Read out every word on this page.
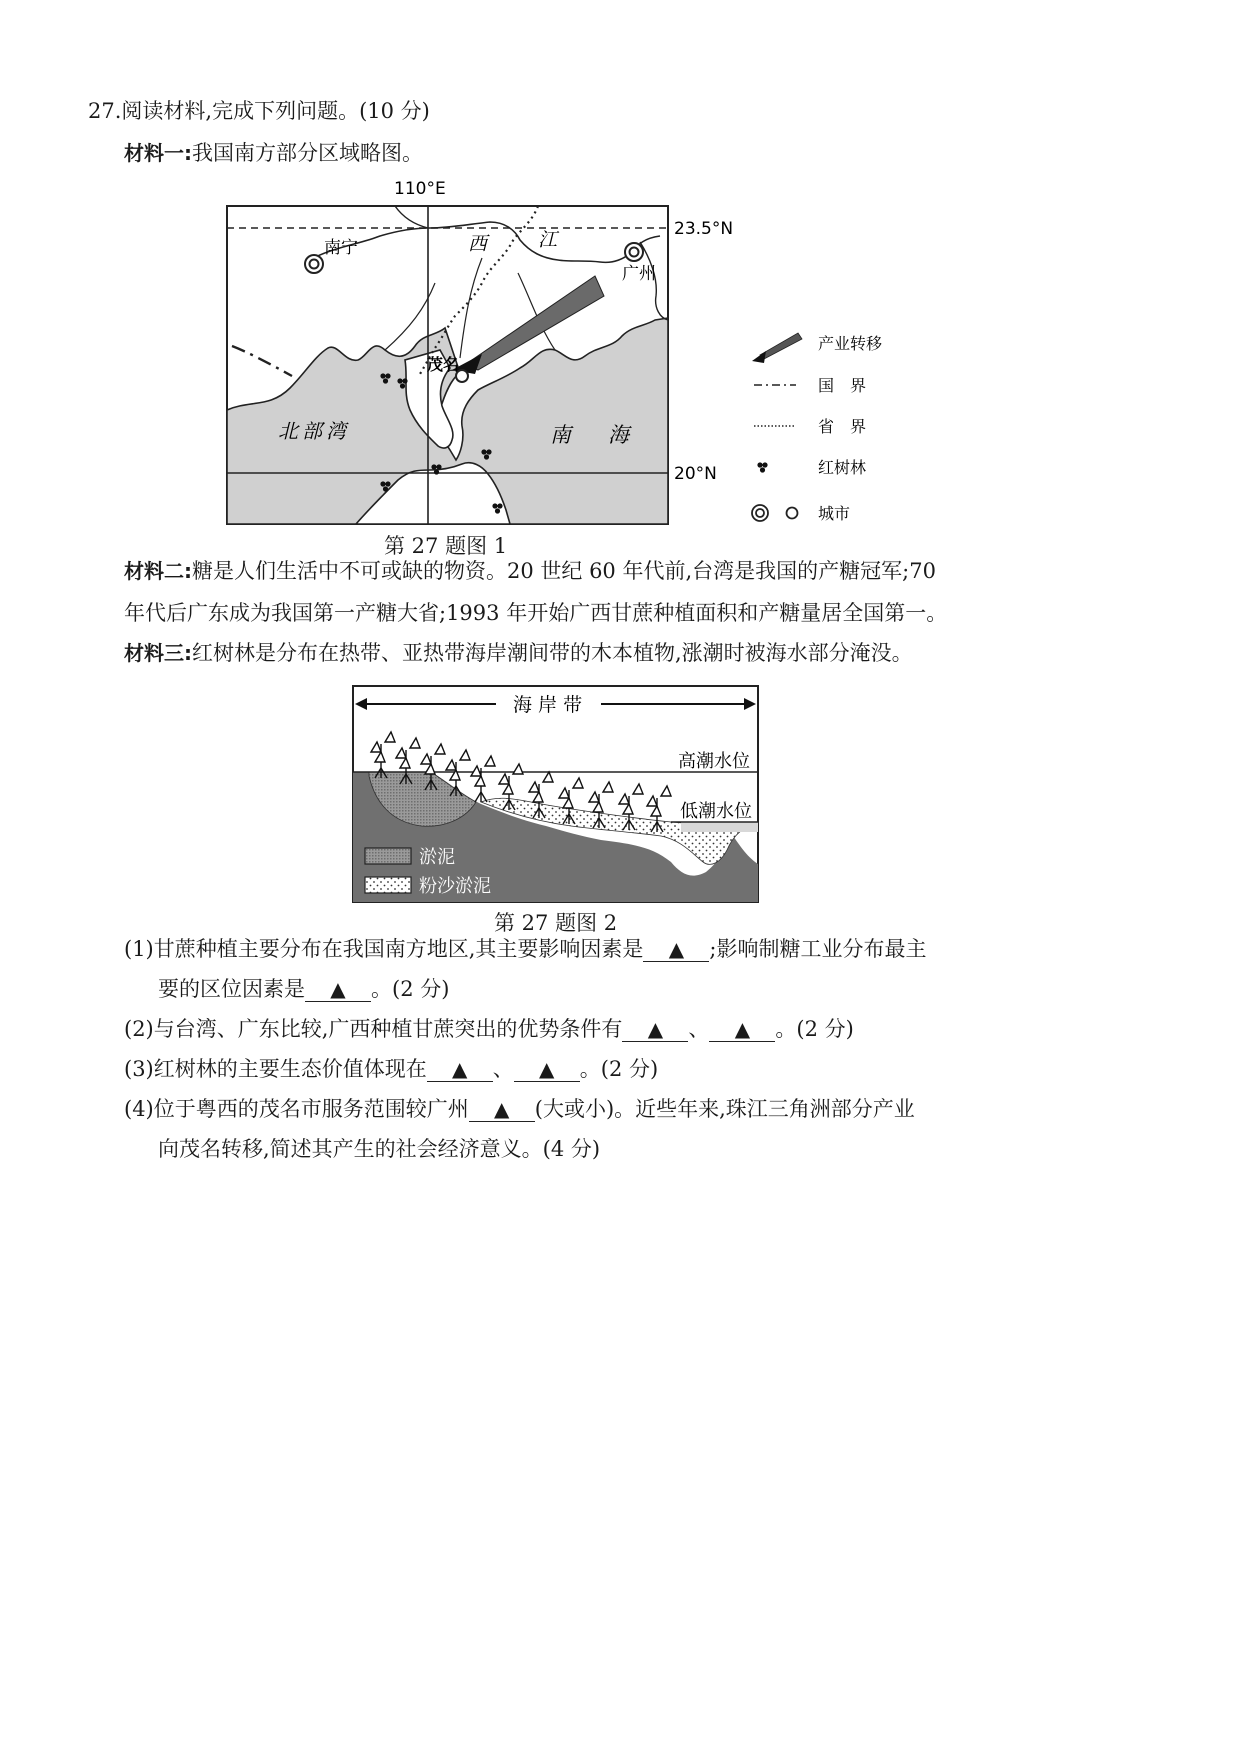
27.阅读材料,完成下列问题。(10 分)
材料一:我国南方部分区域略图。
110°E
23.5°N
20°N
南宁
广州
茂名
西	江
北部湾	南 海
产业转移
国　界
省　界
红树林
城市
第 27 题图 1
材料二:糖是人们生活中不可或缺的物资。20 世纪 60 年代前,台湾是我国的产糖冠军;70
年代后广东成为我国第一产糖大省;1993 年开始广西甘蔗种植面积和产糖量居全国第一。
材料三:红树林是分布在热带、亚热带海岸潮间带的木本植物,涨潮时被海水部分淹没。
海 岸 带
高潮水位
低潮水位
淤泥
粉沙淤泥
第 27 题图 2
(1)甘蔗种植主要分布在我国南方地区,其主要影响因素是 ▲ ;影响制糖工业分布最主
要的区位因素是 ▲ 。(2 分)
(2)与台湾、广东比较,广西种植甘蔗突出的优势条件有 ▲ 、 ▲ 。(2 分)
(3)红树林的主要生态价值体现在 ▲ 、 ▲ 。(2 分)
(4)位于粤西的茂名市服务范围较广州 ▲ (大或小)。近些年来,珠江三角洲部分产业
向茂名转移,简述其产生的社会经济意义。(4 分)
